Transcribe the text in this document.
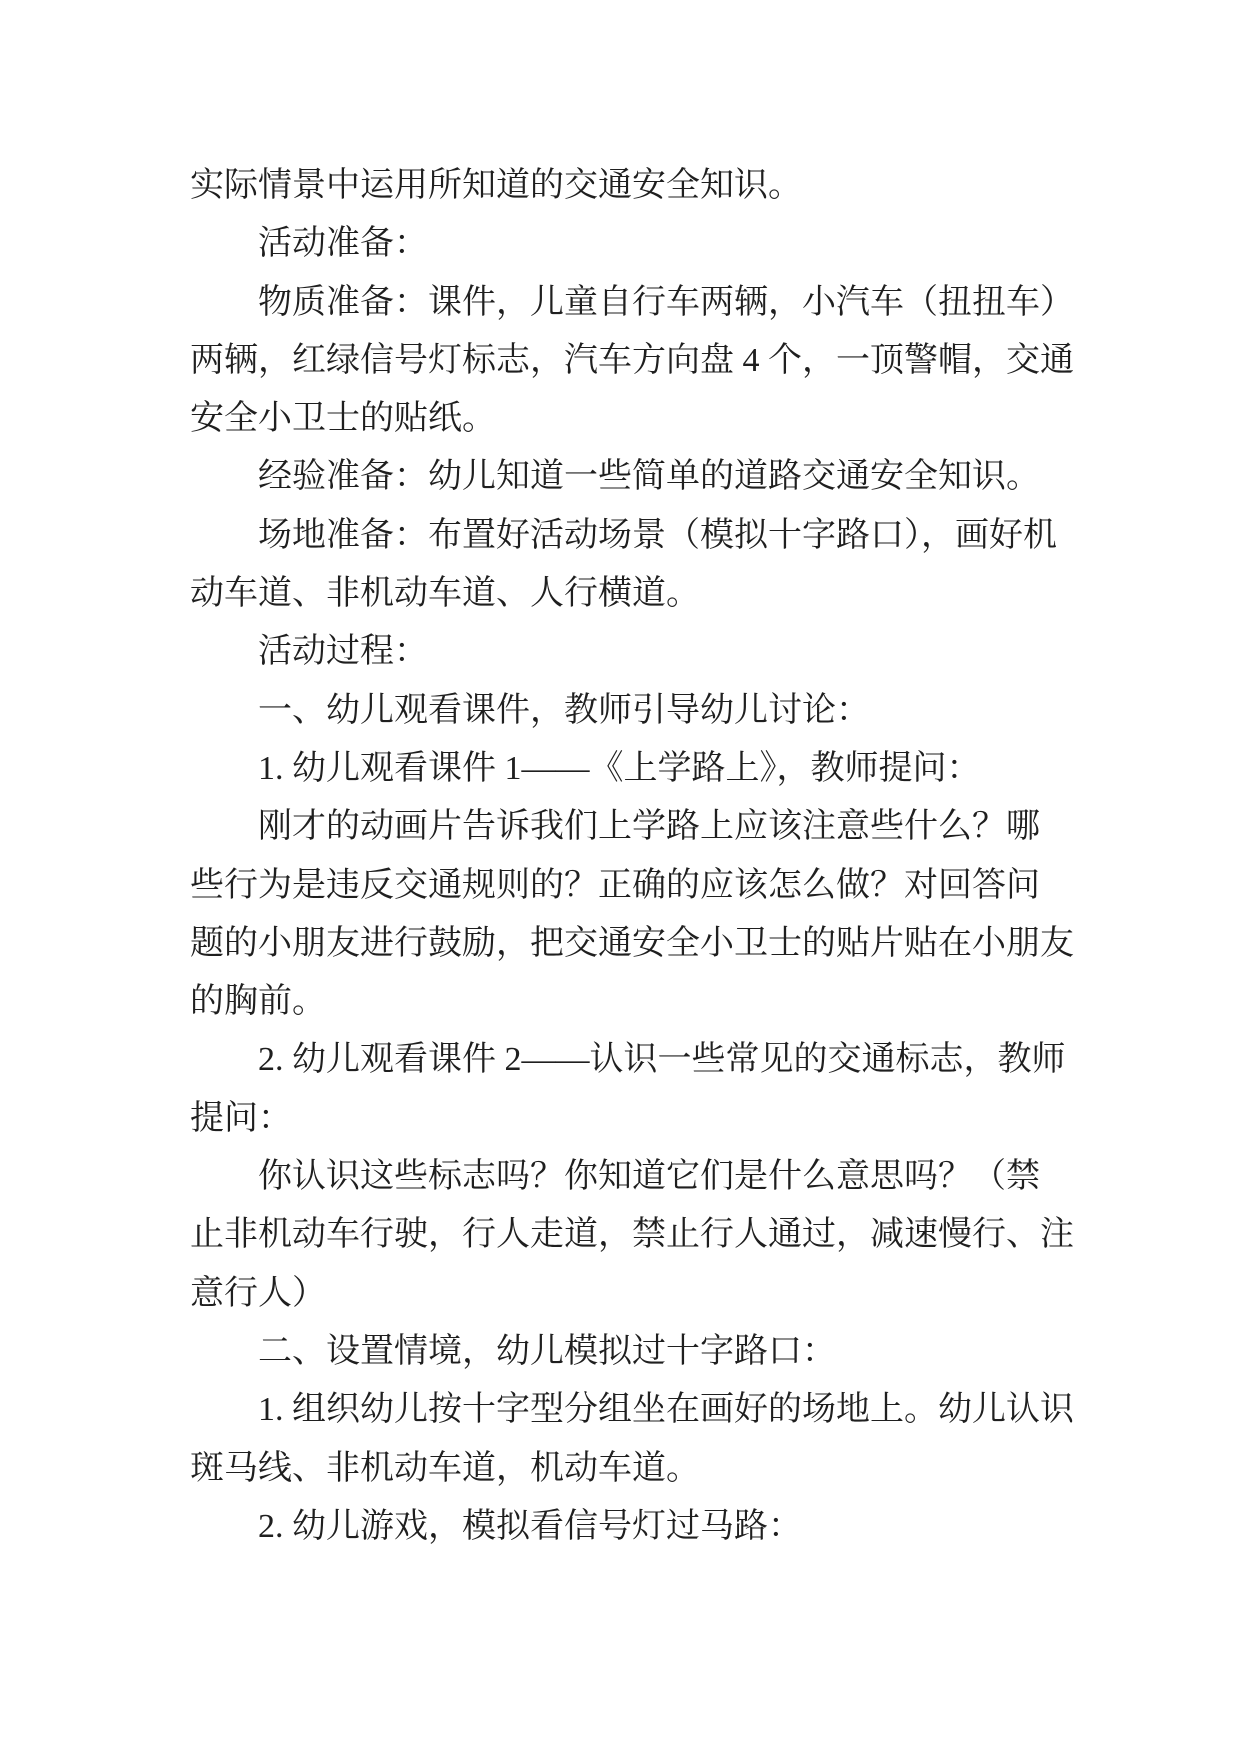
实际情景中运用所知道的交通安全知识。
活动准备：
物质准备：课件，儿童自行车两辆，小汽车（扭扭车）
两辆，红绿信号灯标志，汽车方向盘 4 个，一顶警帽，交通
安全小卫士的贴纸。
经验准备：幼儿知道一些简单的道路交通安全知识。
场地准备：布置好活动场景（模拟十字路口），画好机
动车道、非机动车道、人行横道。
活动过程：
一、幼儿观看课件，教师引导幼儿讨论：
1. 幼儿观看课件 1——《上学路上》，教师提问：
刚才的动画片告诉我们上学路上应该注意些什么？哪
些行为是违反交通规则的？正确的应该怎么做？对回答问
题的小朋友进行鼓励，把交通安全小卫士的贴片贴在小朋友
的胸前。
2. 幼儿观看课件 2——认识一些常见的交通标志，教师
提问：
你认识这些标志吗？你知道它们是什么意思吗？（禁
止非机动车行驶，行人走道，禁止行人通过，减速慢行、注
意行人）
二、设置情境，幼儿模拟过十字路口：
1. 组织幼儿按十字型分组坐在画好的场地上。幼儿认识
斑马线、非机动车道，机动车道。
2. 幼儿游戏，模拟看信号灯过马路：
